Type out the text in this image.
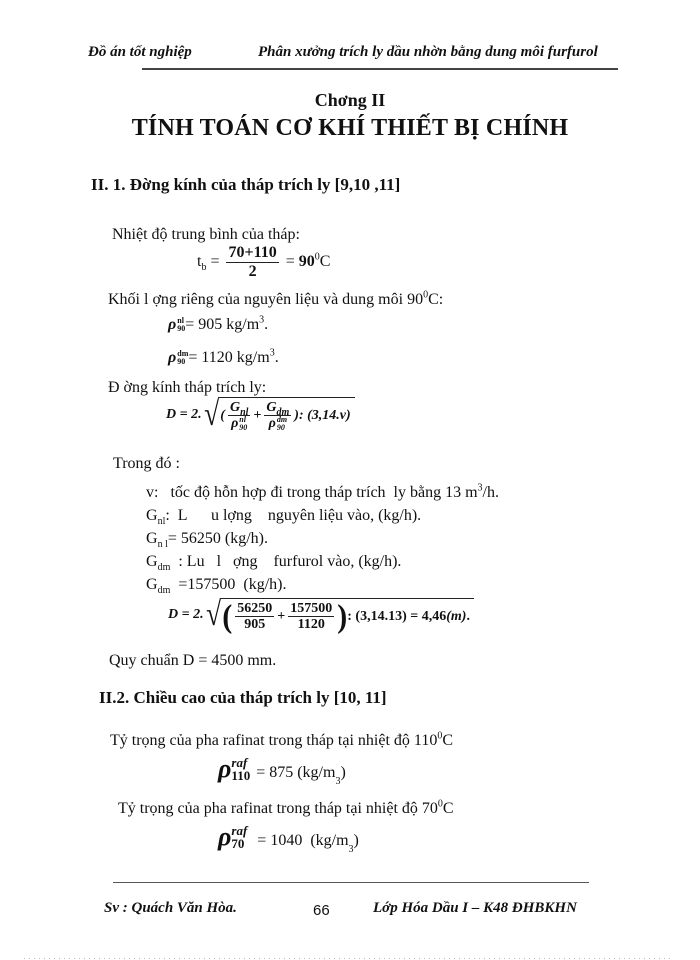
Đồ án tốt nghiệp	Phân xưởng trích ly dầu nhờn bằng dung môi furfurol
Chơng II
TÍNH TOÁN CƠ KHÍ THIẾT BỊ CHÍNH
II. 1. Đờng kính của tháp trích ly [9,10 ,11]
Nhiệt độ trung bình của tháp:
$t_b = \frac{70+110}{2} = 90^0C$
Khối l ợng riêng của nguyên liệu và dung môi $90^0C$:
ρ nl
90 = 905 $kg/m^3$.
ρ dm
90 = 1120 $kg/m^3$.
Đ ờng kính tháp trích ly:
D = 2. √ ( $G_{nl}$
ρ nl
$90 + G_{dm}$
ρ dm
90 ): (3,14.v)
Trong đó :
v:   tốc độ hỗn hợp đi trong tháp trích  ly bằng 13 $m^3/h$.
$G_{nl}$:  L      u lợng    nguyên liệu vào, (kg/h).
$G_{n l}= 56250$ (kg/h).
$G_{dm}$  : Lu   l   ợng    furfurol vào, (kg/h).
$G_{dm} =157500$  (kg/h).
D = 2. √ ( $\frac{56250}{905} + \frac{157500}{1120}$ ) : (3,14.13) = 4,46 (m) .
Quy chuẩn D = 4500 mm.
II.2. Chiều cao của tháp trích ly [10, 11]
Tỷ trọng của pha rafinat trong tháp tại nhiệt độ $110^0C$
ρ raf
110 = 875 (kg/m
3
)
Tỷ trọng của pha rafinat trong tháp tại nhiệt độ $70^0C$
ρ raf
70 = 1040  (kg/m
3
)
Sv : Quách Văn Hòa.	66	Lớp Hóa Dầu I – K48 ĐHBKHN
